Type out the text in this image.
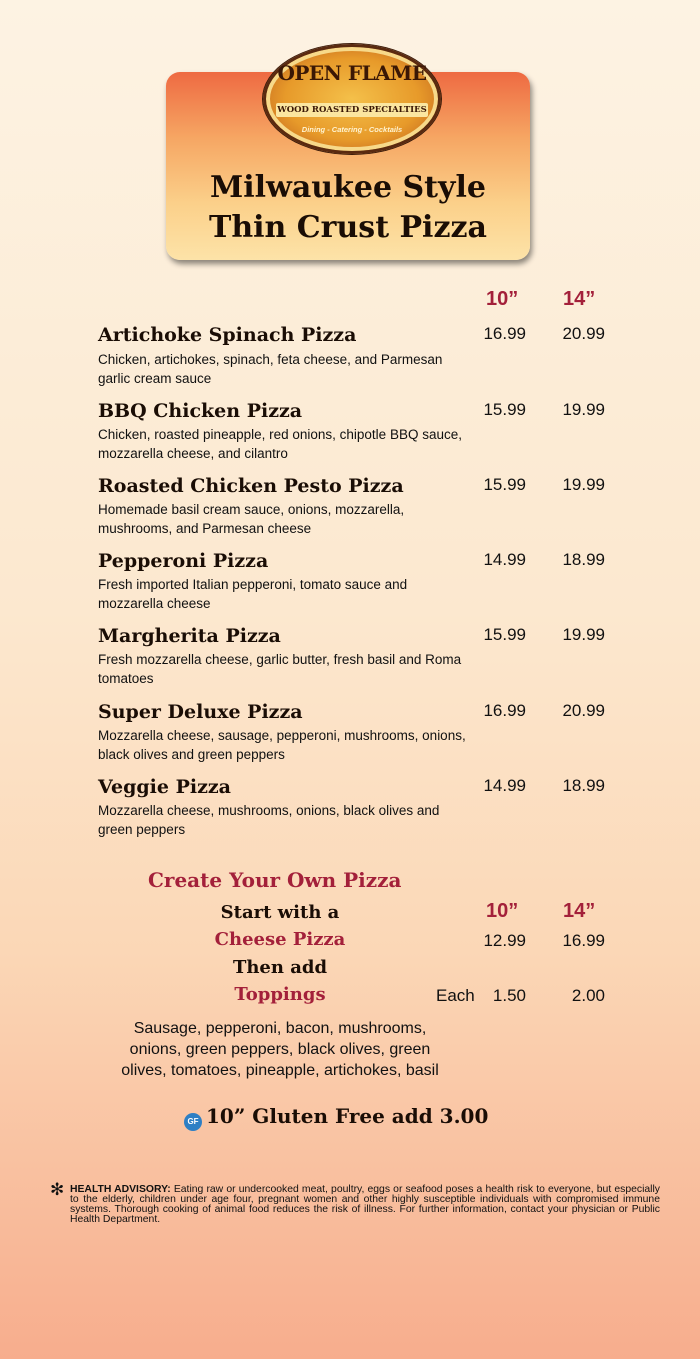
OPEN FLAME
WOOD ROASTED SPECIALTIES
Dining - Catering - Cocktails
Milwaukee Style
Thin Crust Pizza
10” 14”
Artichoke Spinach Pizza
Chicken, artichokes, spinach, feta cheese, and Parmesan garlic cream sauce
16.99	20.99
BBQ Chicken Pizza
Chicken, roasted pineapple, red onions, chipotle BBQ sauce, mozzarella cheese, and cilantro
15.99	19.99
Roasted Chicken Pesto Pizza
Homemade basil cream sauce, onions, mozzarella, mushrooms, and Parmesan cheese
15.99	19.99
Pepperoni Pizza
Fresh imported Italian pepperoni, tomato sauce and mozzarella cheese
14.99	18.99
Margherita Pizza
Fresh mozzarella cheese, garlic butter, fresh basil and Roma tomatoes
15.99	19.99
Super Deluxe Pizza
Mozzarella cheese, sausage, pepperoni, mushrooms, onions, black olives and green peppers
16.99	20.99
Veggie Pizza
Mozzarella cheese, mushrooms, onions, black olives and green peppers
14.99	18.99
Create Your Own Pizza
10” 14”
Start with a
Cheese Pizza	12.99	16.99
Then add
Toppings	Each	1.50	2.00
Sausage, pepperoni, bacon, mushrooms, onions, green peppers, black olives, green olives, tomatoes, pineapple, artichokes, basil
GF 10” Gluten Free add 3.00
✻ HEALTH ADVISORY: Eating raw or undercooked meat, poultry, eggs or seafood poses a health risk to everyone, but especially to the elderly, children under age four, pregnant women and other highly susceptible individuals with compromised immune systems. Thorough cooking of animal food reduces the risk of illness. For further information, contact your physician or Public Health Department.
